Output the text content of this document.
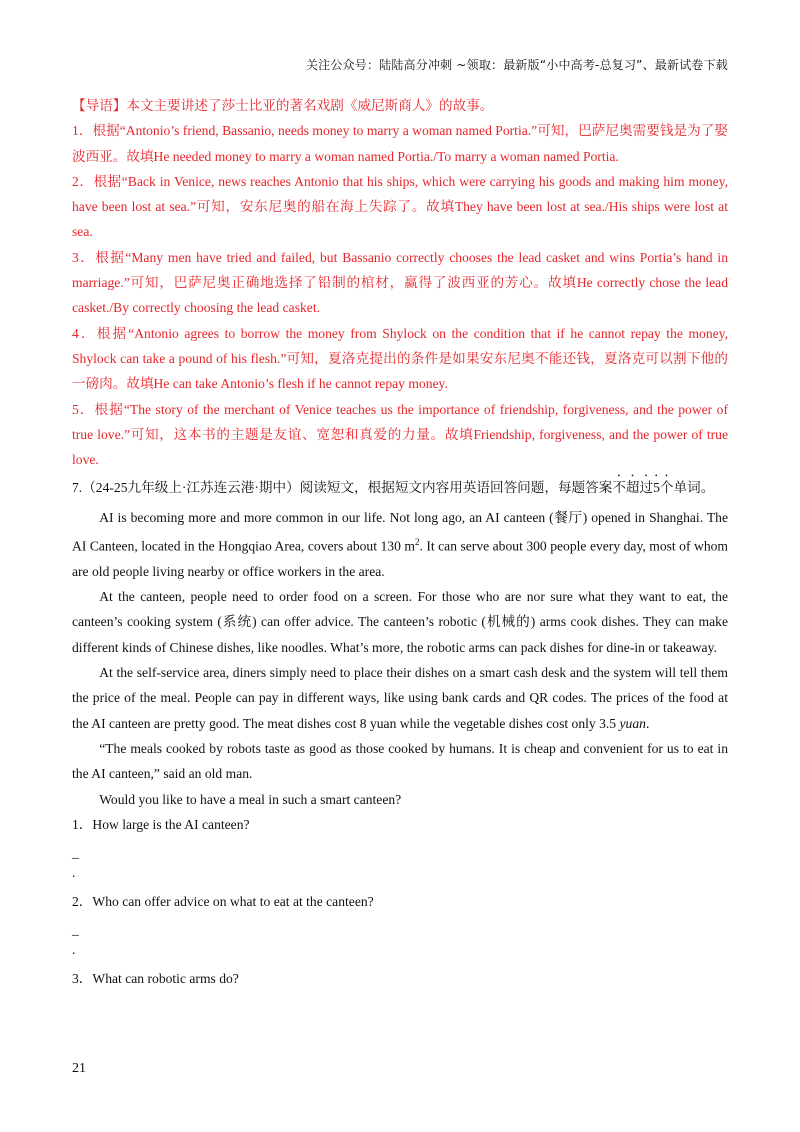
关注公众号：陆陆高分冲刺 ~领取：最新版“小中高考-总复习”、最新试卷下载
【导语】本文主要讲述了莎士比亚的著名戏剧《威尼斯商人》的故事。
1．根据“Antonio’s friend, Bassanio, needs money to marry a woman named Portia.”可知，巴萨尼奥需要钱是为了娶波西亚。故填He needed money to marry a woman named Portia./To marry a woman named Portia.
2．根据“Back in Venice, news reaches Antonio that his ships, which were carrying his goods and making him money, have been lost at sea.”可知，安东尼奥的船在海上失踪了。故填They have been lost at sea./His ships were lost at sea.
3．根据“Many men have tried and failed, but Bassanio correctly chooses the lead casket and wins Portia’s hand in marriage.”可知，巴萨尼奥正确地选择了铅制的棺材，赢得了波西亚的芳心。故填He correctly chose the lead casket./By correctly choosing the lead casket.
4．根据“Antonio agrees to borrow the money from Shylock on the condition that if he cannot repay the money, Shylock can take a pound of his flesh.”可知，夏洛克提出的条件是如果安东尼奥不能还钱，夏洛克可以割下他的一磅肉。故填He can take Antonio’s flesh if he cannot repay money.
5．根据“The story of the merchant of Venice teaches us the importance of friendship, forgiveness, and the power of true love.”可知，这本书的主题是友谊、宽恕和真爱的力量。故填Friendship, forgiveness, and the power of true love.
7.（24-25九年级上·江苏连云港·期中）阅读短文，根据短文内容用英语回答问题，每题答案不超过5个单词。
AI is becoming more and more common in our life. Not long ago, an AI canteen (餐厅) opened in Shanghai. The AI Canteen, located in the Hongqiao Area, covers about 130 $m^2$. It can serve about 300 people every day, most of whom are old people living nearby or office workers in the area.
At the canteen, people need to order food on a screen. For those who are nor sure what they want to eat, the canteen’s cooking system (系统) can offer advice. The canteen’s robotic (机械的) arms cook dishes. They can make different kinds of Chinese dishes, like noodles. What’s more, the robotic arms can pack dishes for dine-in or takeaway.
At the self-service area, diners simply need to place their dishes on a smart cash desk and the system will tell them the price of the meal. People can pay in different ways, like using bank cards and QR codes. The prices of the food at the AI canteen are pretty good. The meat dishes cost 8 yuan while the vegetable dishes cost only 3.5 yuan.
“The meals cooked by robots taste as good as those cooked by humans. It is cheap and convenient for us to eat in the AI canteen,” said an old man.
Would you like to have a meal in such a smart canteen?
1．How large is the AI canteen?
_
.
2．Who can offer advice on what to eat at the canteen?
_
.
3．What can robotic arms do?
21
